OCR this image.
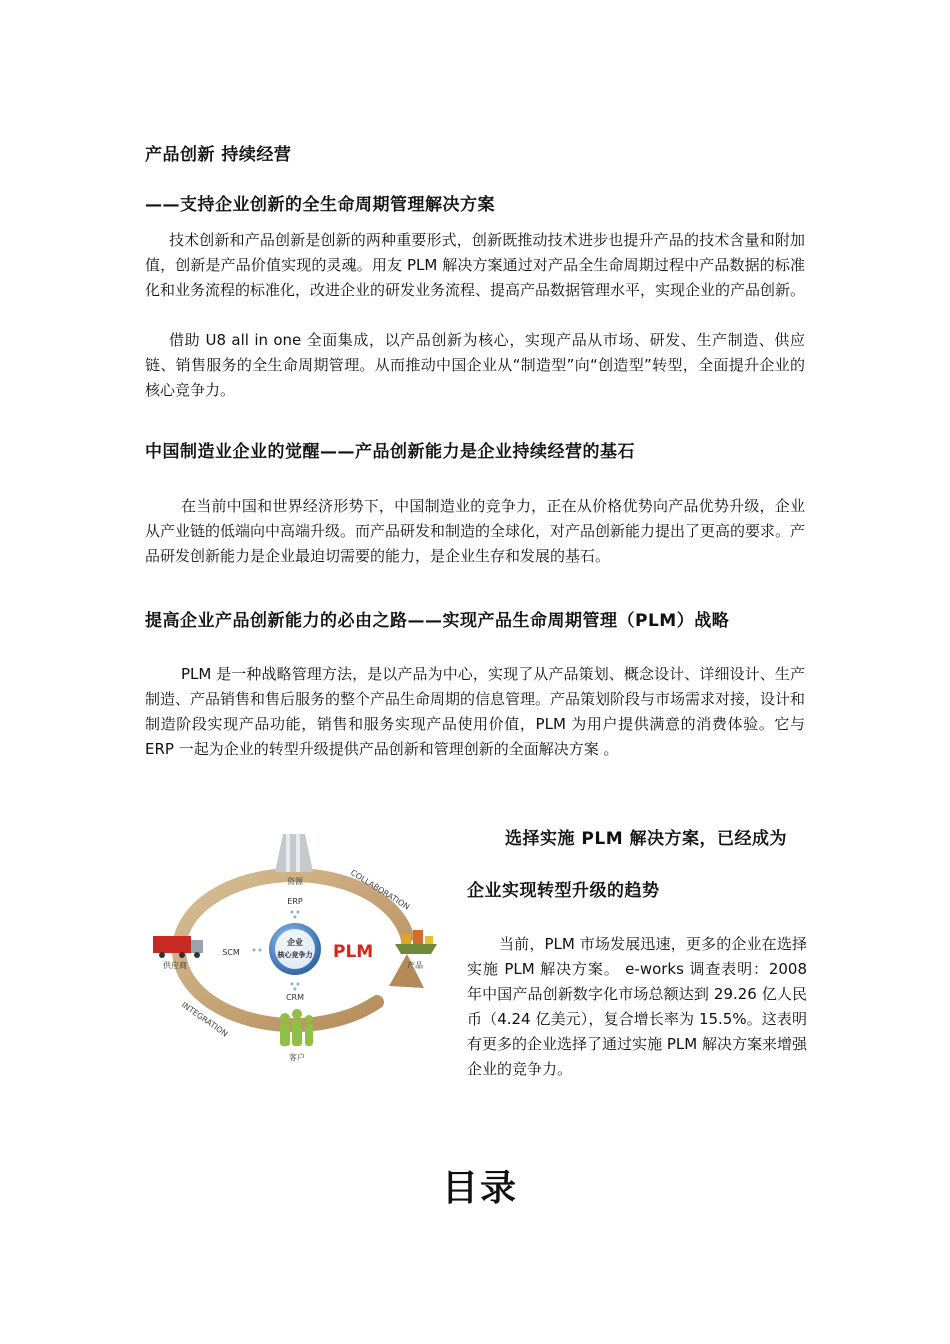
产品创新 持续经营
——支持企业创新的全生命周期管理解决方案
技术创新和产品创新是创新的两种重要形式，创新既推动技术进步也提升产品的技术含量和附加值，创新是产品价值实现的灵魂。用友 PLM 解决方案通过对产品全生命周期过程中产品数据的标准化和业务流程的标准化，改进企业的研发业务流程、提高产品数据管理水平，实现企业的产品创新。
借助 U8 all in one 全面集成，以产品创新为核心，实现产品从市场、研发、生产制造、供应链、销售服务的全生命周期管理。从而推动中国企业从“制造型”向“创造型”转型，全面提升企业的核心竞争力。
中国制造业企业的觉醒——产品创新能力是企业持续经营的基石
在当前中国和世界经济形势下，中国制造业的竞争力，正在从价格优势向产品优势升级，企业从产业链的低端向中高端升级。而产品研发和制造的全球化，对产品创新能力提出了更高的要求。产品研发创新能力是企业最迫切需要的能力，是企业生存和发展的基石。
提高企业产品创新能力的必由之路——实现产品生命周期管理（PLM）战略
PLM 是一种战略管理方法，是以产品为中心，实现了从产品策划、概念设计、详细设计、生产制造、产品销售和售后服务的整个产品生命周期的信息管理。产品策划阶段与市场需求对接，设计和制造阶段实现产品功能，销售和服务实现产品使用价值，PLM 为用户提供满意的消费体验。它与 ERP 一起为企业的转型升级提供产品创新和管理创新的全面解决方案 。
选择实施 PLM 解决方案，已经成为
企业实现转型升级的趋势
当前，PLM 市场发展迅速，更多的企业在选择实施 PLM 解决方案。 e-works 调查表明：2008 年中国产品创新数字化市场总额达到 29.26 亿人民币（4.24 亿美元），复合增长率为 15.5%。这表明有更多的企业选择了通过实施 PLM 解决方案来增强企业的竞争力。
COLLABORATION
INTEGRATION
资源
ERP
企业
核心竞争力 PLM
SCM
供应商	产品
CRM
客户
目录
